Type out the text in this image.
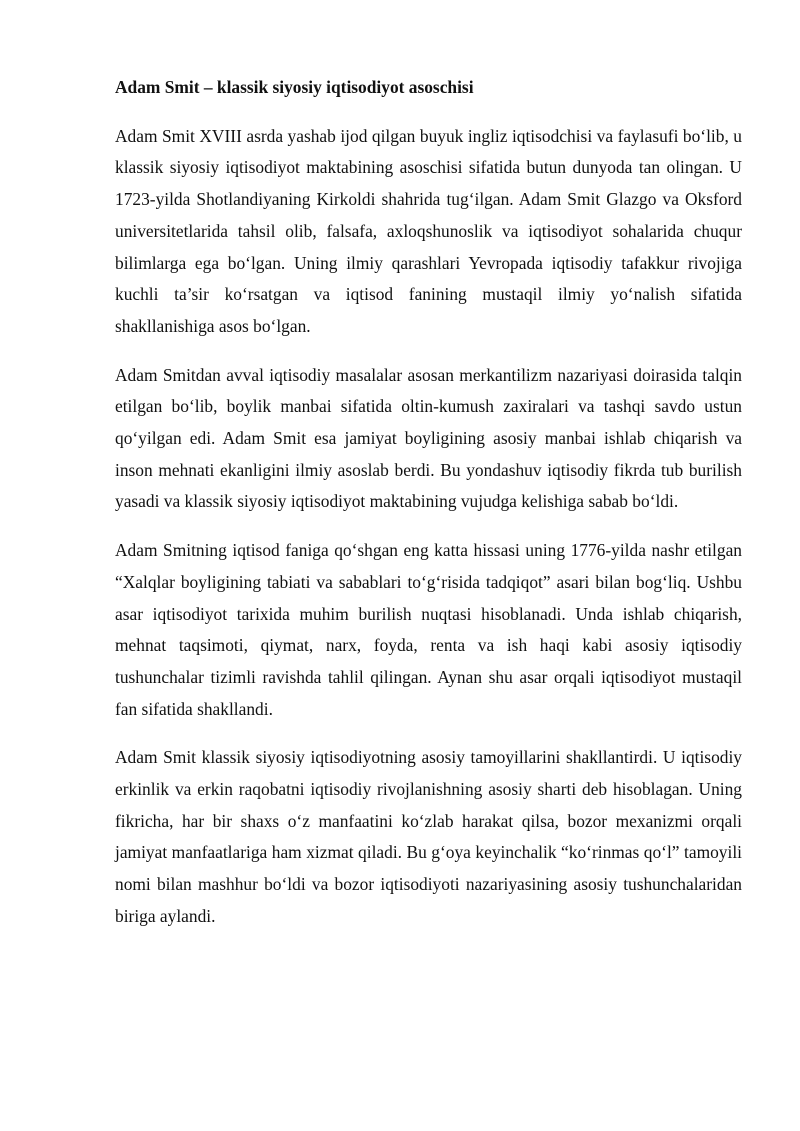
Adam Smit – klassik siyosiy iqtisodiyot asoschisi

Adam Smit XVIII asrda yashab ijod qilgan buyuk ingliz iqtisodchisi va faylasufi bo‘lib, u klassik siyosiy iqtisodiyot maktabining asoschisi sifatida butun dunyoda tan olingan. U 1723-yilda Shotlandiyaning Kirkoldi shahrida tug‘ilgan. Adam Smit Glazgo va Oksford universitetlarida tahsil olib, falsafa, axloqshunoslik va iqtisodiyot sohalarida chuqur bilimlarga ega bo‘lgan. Uning ilmiy qarashlari Yevropada iqtisodiy tafakkur rivojiga kuchli ta’sir ko‘rsatgan va iqtisod fanining mustaqil ilmiy yo‘nalish sifatida shakllanishiga asos bo‘lgan.

Adam Smitdan avval iqtisodiy masalalar asosan merkantilizm nazariyasi doirasida talqin etilgan bo‘lib, boylik manbai sifatida oltin-kumush zaxiralari va tashqi savdo ustun qo‘yilgan edi. Adam Smit esa jamiyat boyligining asosiy manbai ishlab chiqarish va inson mehnati ekanligini ilmiy asoslab berdi. Bu yondashuv iqtisodiy fikrda tub burilish yasadi va klassik siyosiy iqtisodiyot maktabining vujudga kelishiga sabab bo‘ldi.

Adam Smitning iqtisod faniga qo‘shgan eng katta hissasi uning 1776-yilda nashr etilgan “Xalqlar boyligining tabiati va sabablari to‘g‘risida tadqiqot” asari bilan bog‘liq. Ushbu asar iqtisodiyot tarixida muhim burilish nuqtasi hisoblanadi. Unda ishlab chiqarish, mehnat taqsimoti, qiymat, narx, foyda, renta va ish haqi kabi asosiy iqtisodiy tushunchalar tizimli ravishda tahlil qilingan. Aynan shu asar orqali iqtisodiyot mustaqil fan sifatida shakllandi.

Adam Smit klassik siyosiy iqtisodiyotning asosiy tamoyillarini shakllantirdi. U iqtisodiy erkinlik va erkin raqobatni iqtisodiy rivojlanishning asosiy sharti deb hisoblagan. Uning fikricha, har bir shaxs o‘z manfaatini ko‘zlab harakat qilsa, bozor mexanizmi orqali jamiyat manfaatlariga ham xizmat qiladi. Bu g‘oya keyinchalik “ko‘rinmas qo‘l” tamoyili nomi bilan mashhur bo‘ldi va bozor iqtisodiyoti nazariyasining asosiy tushunchalaridan biriga aylandi.
